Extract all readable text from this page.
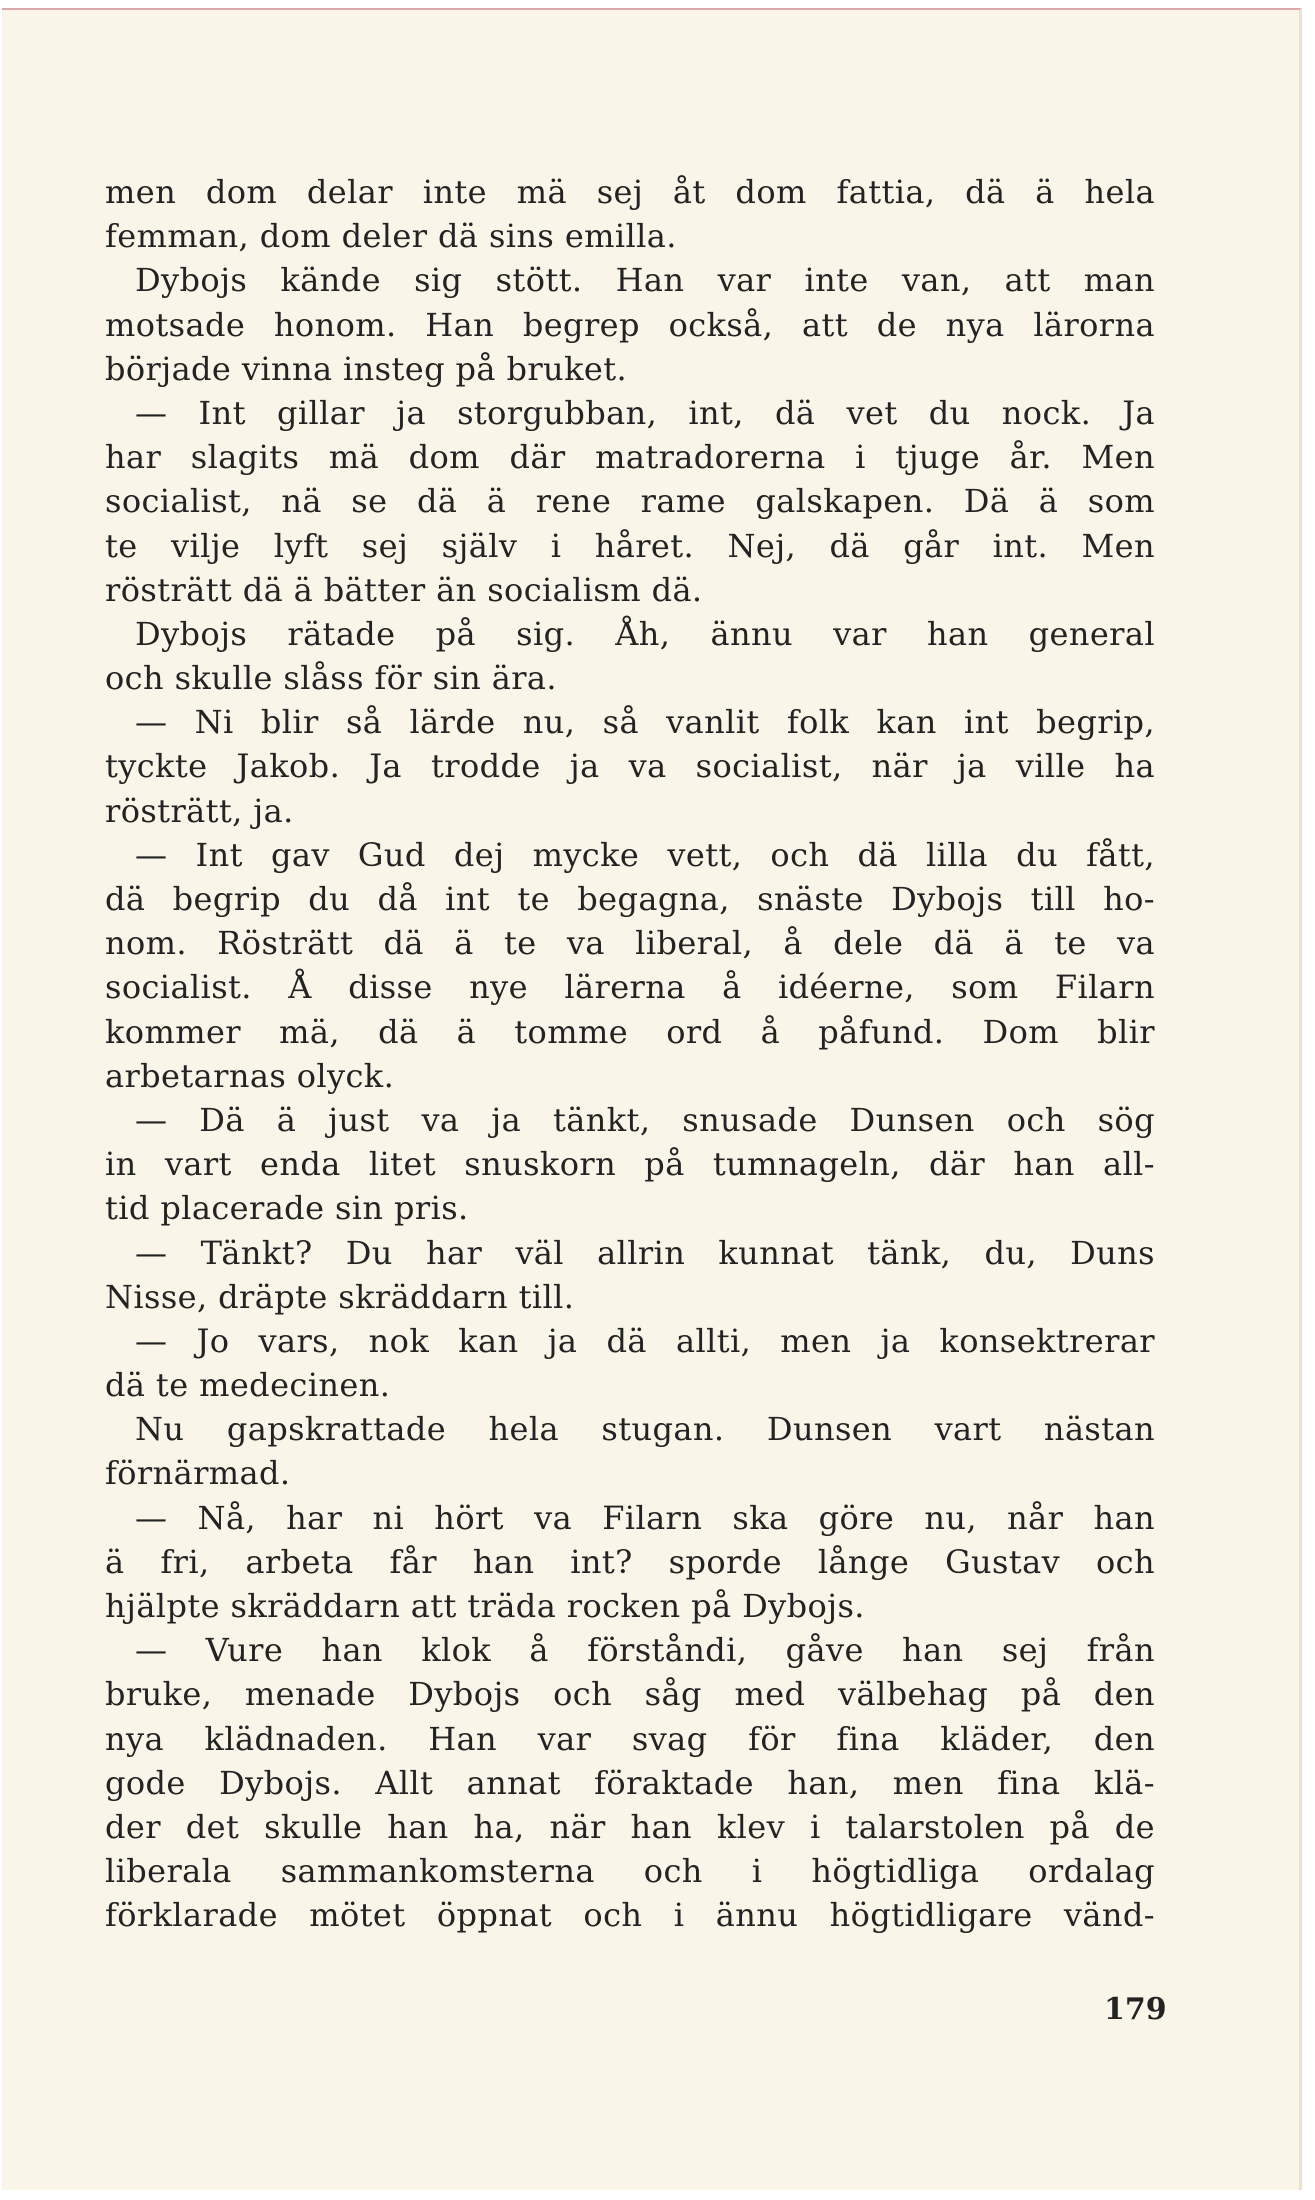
men dom delar inte mä sej åt dom fattia, dä ä hela
femman, dom deler dä sins emilla.
Dybojs kände sig stött. Han var inte van, att man
motsade honom. Han begrep också, att de nya lärorna
började vinna insteg på bruket.
— Int gillar ja storgubban, int, dä vet du nock. Ja
har slagits mä dom där matradorerna i tjuge år. Men
socialist, nä se dä ä rene rame galskapen. Dä ä som
te vilje lyft sej själv i håret. Nej, dä går int. Men
rösträtt dä ä bätter än socialism dä.
Dybojs rätade på sig. Åh, ännu var han general
och skulle slåss för sin ära.
— Ni blir så lärde nu, så vanlit folk kan int begrip,
tyckte Jakob. Ja trodde ja va socialist, när ja ville ha
rösträtt, ja.
— Int gav Gud dej mycke vett, och dä lilla du fått,
dä begrip du då int te begagna, snäste Dybojs till ho-
nom. Rösträtt dä ä te va liberal, å dele dä ä te va
socialist. Å disse nye lärerna å idéerne, som Filarn
kommer mä, dä ä tomme ord å påfund. Dom blir
arbetarnas olyck.
— Dä ä just va ja tänkt, snusade Dunsen och sög
in vart enda litet snuskorn på tumnageln, där han all-
tid placerade sin pris.
— Tänkt? Du har väl allrin kunnat tänk, du, Duns
Nisse, dräpte skräddarn till.
— Jo vars, nok kan ja dä allti, men ja konsektrerar
dä te medecinen.
Nu gapskrattade hela stugan. Dunsen vart nästan
förnärmad.
— Nå, har ni hört va Filarn ska göre nu, når han
ä fri, arbeta får han int? sporde långe Gustav och
hjälpte skräddarn att träda rocken på Dybojs.
— Vure han klok å förståndi, gåve han sej från
bruke, menade Dybojs och såg med välbehag på den
nya klädnaden. Han var svag för fina kläder, den
gode Dybojs. Allt annat föraktade han, men fina klä-
der det skulle han ha, när han klev i talarstolen på de
liberala sammankomsterna och i högtidliga ordalag
förklarade mötet öppnat och i ännu högtidligare vänd-
179
